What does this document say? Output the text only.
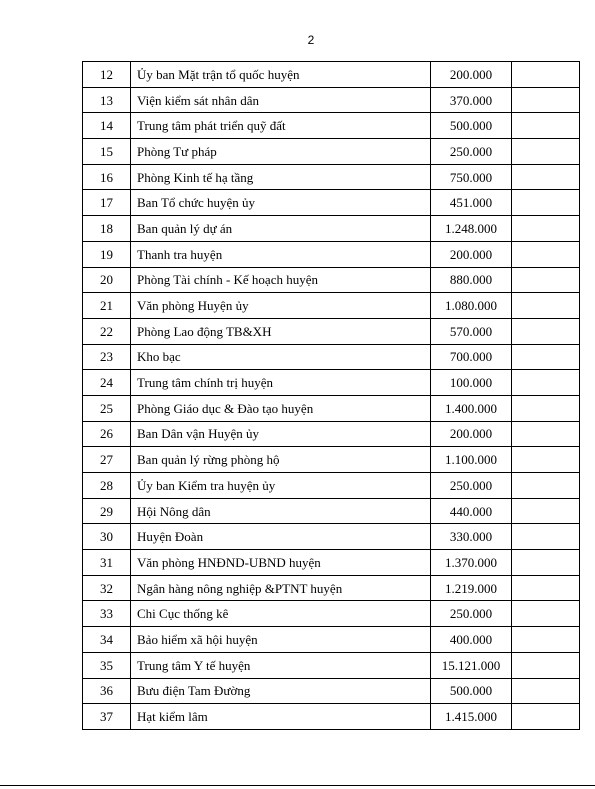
2
12	Ủy ban Mặt trận tổ quốc huyện	200.000	
13	Viện kiểm sát nhân dân	370.000	
14	Trung tâm phát triển quỹ đất	500.000	
15	Phòng Tư pháp	250.000	
16	Phòng Kinh tế hạ tầng	750.000	
17	Ban Tổ chức huyện ủy	451.000	
18	Ban quản lý dự án	1.248.000	
19	Thanh tra huyện	200.000	
20	Phòng Tài chính - Kế hoạch huyện	880.000	
21	Văn phòng Huyện ủy	1.080.000	
22	Phòng Lao động TB&XH	570.000	
23	Kho bạc	700.000	
24	Trung tâm chính trị huyện	100.000	
25	Phòng Giáo dục & Đào tạo huyện	1.400.000	
26	Ban Dân vận Huyện ủy	200.000	
27	Ban quản lý rừng phòng hộ	1.100.000	
28	Ủy ban Kiểm tra huyện ủy	250.000	
29	Hội Nông dân	440.000	
30	Huyện Đoàn	330.000	
31	Văn phòng HNĐND-UBND huyện	1.370.000	
32	Ngân hàng nông nghiệp &PTNT huyện	1.219.000	
33	Chi Cục thống kê	250.000	
34	Bảo hiểm xã hội huyện	400.000	
35	Trung tâm Y tế huyện	15.121.000	
36	Bưu điện Tam Đường	500.000	
37	Hạt kiểm lâm	1.415.000	
